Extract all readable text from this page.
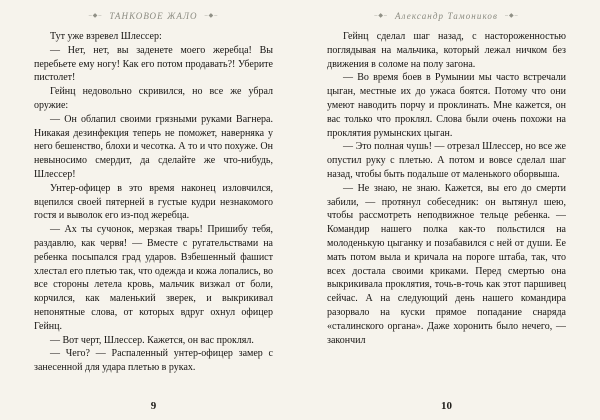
–◆– ТАНКОВОЕ ЖАЛО –◆–

Тут уже взревел Шлессер:

— Нет, нет, вы заденете моего жеребца! Вы перебьете ему ногу! Как его потом продавать?! Уберите пистолет!

Гейнц недовольно скривился, но все же убрал оружие:

— Он облапил своими грязными руками Вагнера. Никакая дезинфекция теперь не поможет, наверняка у него бешенство, блохи и чесотка. А то и что похуже. Он невыносимо смердит, да сделайте же что-нибудь, Шлессер!

Унтер-офицер в это время наконец изловчился, вцепился своей пятерней в густые кудри незнакомого гостя и выволок его из-под жеребца.

— Ах ты сучонок, мерзкая тварь! Пришибу тебя, раздавлю, как червя! — Вместе с ругательствами на ребенка посыпался град ударов. Взбешенный фашист хлестал его плетью так, что одежда и кожа лопались, во все стороны летела кровь, мальчик визжал от боли, корчился, как маленький зверек, и выкрикивал непонятные слова, от которых вдруг охнул офицер Гейнц.

— Вот черт, Шлессер. Кажется, он вас проклял.

— Чего? — Распаленный унтер-офицер замер с занесенной для удара плетью в руках.

9
–◆– Александр Тамоников –◆–

Гейнц сделал шаг назад, с настороженностью поглядывая на мальчика, который лежал ничком без движения в соломе на полу загона.

— Во время боев в Румынии мы часто встречали цыган, местные их до ужаса боятся. Потому что они умеют наводить порчу и проклинать. Мне кажется, он вас только что проклял. Слова были очень похожи на проклятия румынских цыган.

— Это полная чушь! — отрезал Шлессер, но все же опустил руку с плетью. А потом и вовсе сделал шаг назад, чтобы быть подальше от маленького оборвыша.

— Не знаю, не знаю. Кажется, вы его до смерти забили, — протянул собеседник: он вытянул шею, чтобы рассмотреть неподвижное тельце ребенка. — Командир нашего полка как-то польстился на молоденькую цыганку и позабавился с ней от души. Ее мать потом выла и кричала на пороге штаба, так, что всех достала своими криками. Перед смертью она выкрикивала проклятия, точь-в-точь как этот паршивец сейчас. А на следующий день нашего командира разорвало на куски прямое попадание снаряда «сталинского органа». Даже хоронить было нечего, — закончил

10
